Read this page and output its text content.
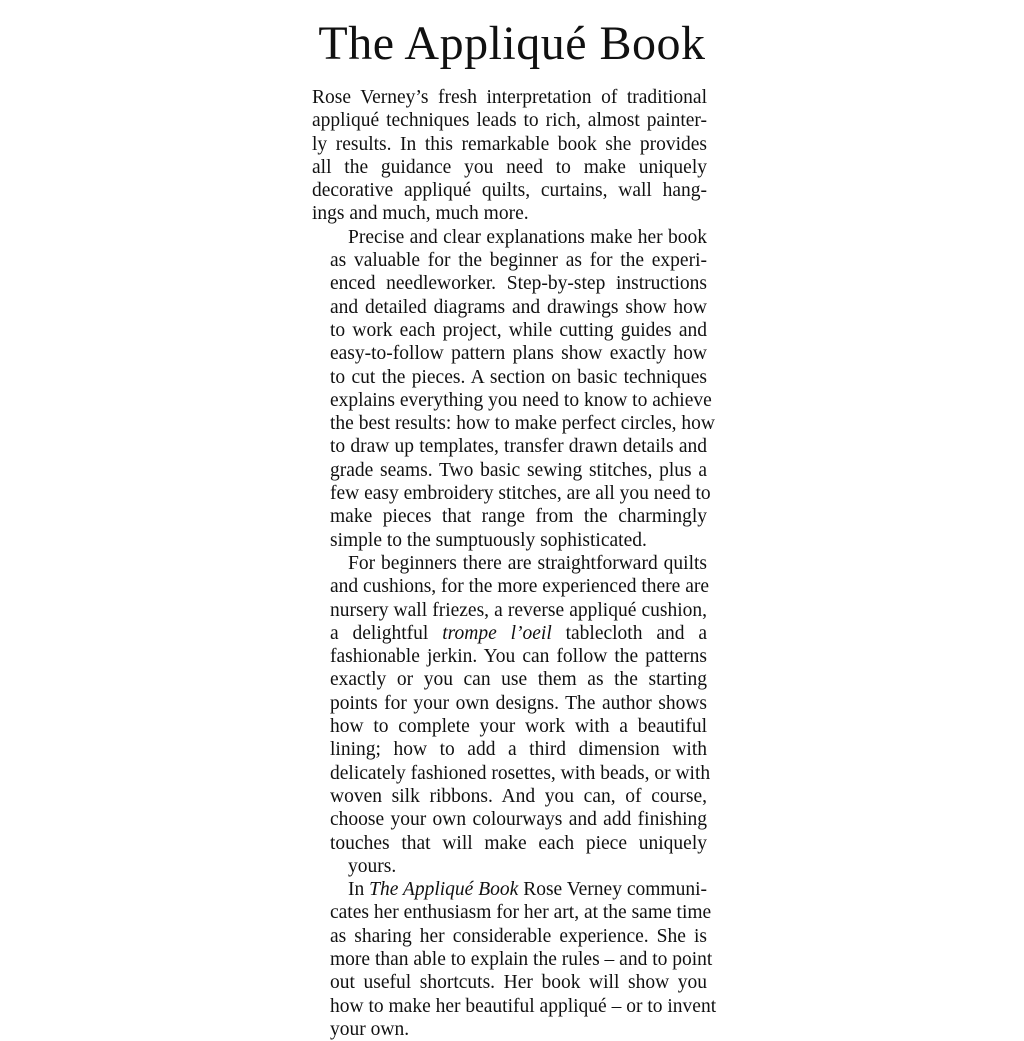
The Appliqué Book

Rose Verney’s fresh interpretation of traditional
appliqué techniques leads to rich, almost painter-
ly results. In this remarkable book she provides
all the guidance you need to make uniquely
decorative appliqué quilts, curtains, wall hang-
ings and much, much more.

Precise and clear explanations make her book
as valuable for the beginner as for the experi-
enced needleworker. Step-by-step instructions
and detailed diagrams and drawings show how
to work each project, while cutting guides and
easy-to-follow pattern plans show exactly how
to cut the pieces. A section on basic techniques
explains everything you need to know to achieve
the best results: how to make perfect circles, how
to draw up templates, transfer drawn details and
grade seams. Two basic sewing stitches, plus a
few easy embroidery stitches, are all you need to
make pieces that range from the charmingly
simple to the sumptuously sophisticated.

For beginners there are straightforward quilts
and cushions, for the more experienced there are
nursery wall friezes, a reverse appliqué cushion,
a delightful trompe l’oeil tablecloth and a
fashionable jerkin. You can follow the patterns
exactly or you can use them as the starting
points for your own designs. The author shows
how to complete your work with a beautiful
lining; how to add a third dimension with
delicately fashioned rosettes, with beads, or with
woven silk ribbons. And you can, of course,
choose your own colourways and add finishing
touches that will make each piece uniquely
yours.

In The Appliqué Book Rose Verney communi-
cates her enthusiasm for her art, at the same time
as sharing her considerable experience. She is
more than able to explain the rules – and to point
out useful shortcuts. Her book will show you
how to make her beautiful appliqué – or to invent
your own.
